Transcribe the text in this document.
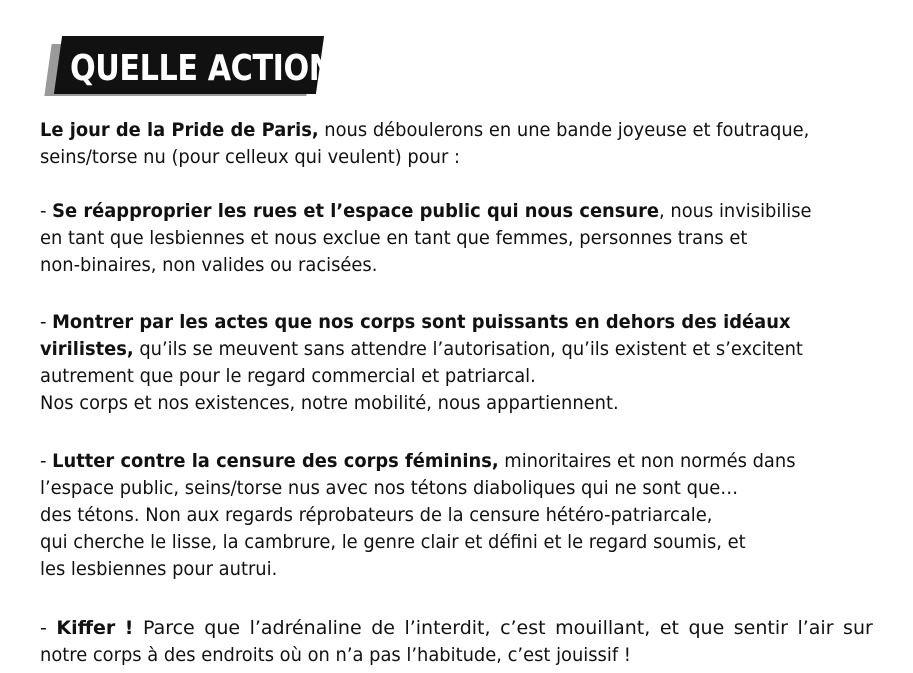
QUELLE ACTION ?
Le jour de la Pride de Paris, nous déboulerons en une bande joyeuse et foutraque,
seins/torse nu (pour celleux qui veulent) pour :
- Se réapproprier les rues et l’espace public qui nous censure, nous invisibilise
en tant que lesbiennes et nous exclue en tant que femmes, personnes trans et
non-binaires, non valides ou racisées.
- Montrer par les actes que nos corps sont puissants en dehors des idéaux
virilistes, qu’ils se meuvent sans attendre l’autorisation, qu’ils existent et s’excitent
autrement que pour le regard commercial et patriarcal.
Nos corps et nos existences, notre mobilité, nous appartiennent.
- Lutter contre la censure des corps féminins, minoritaires et non normés dans
l’espace public, seins/torse nus avec nos tétons diaboliques qui ne sont que…
des tétons. Non aux regards réprobateurs de la censure hétéro-patriarcale,
qui cherche le lisse, la cambrure, le genre clair et défini et le regard soumis, et
les lesbiennes pour autrui.
- Kiffer ! Parce que l’adrénaline de l’interdit, c’est mouillant, et que sentir l’air sur
notre corps à des endroits où on n’a pas l’habitude, c’est jouissif !
